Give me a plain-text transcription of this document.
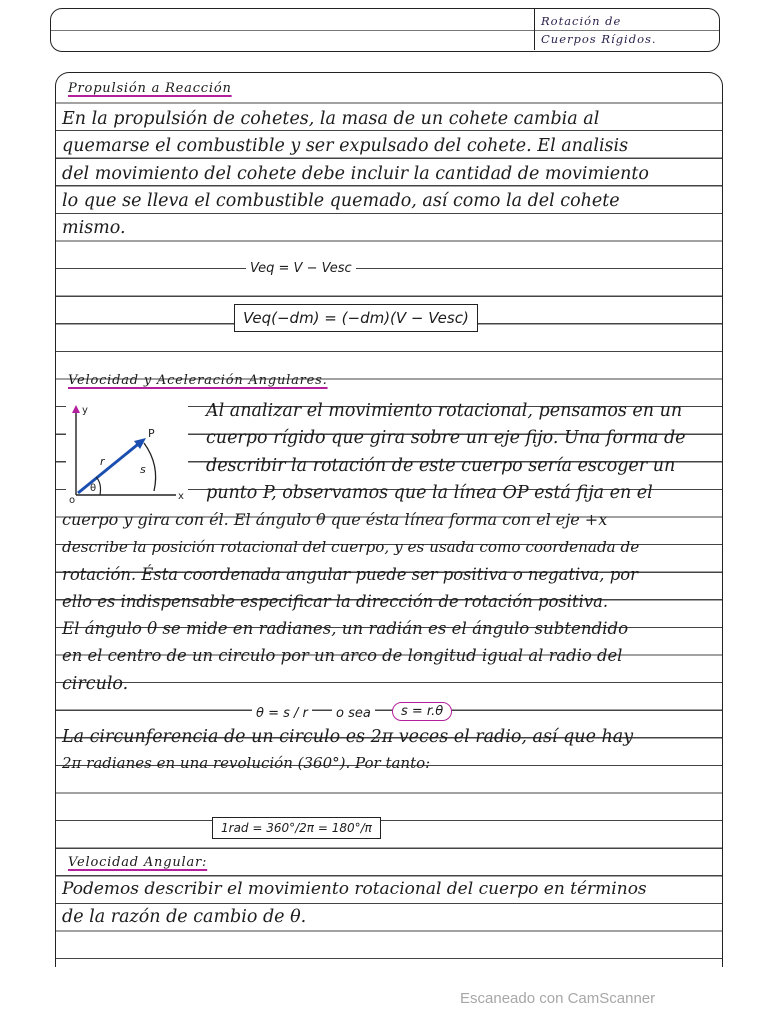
Rotación de
Cuerpos Rígidos.
Propulsión a Reacción
En la propulsión de cohetes, la masa de un cohete cambia al
quemarse el combustible y ser expulsado del cohete. El analisis
del movimiento del cohete debe incluir la cantidad de movimiento
lo que se lleva el combustible quemado, así como la del cohete
mismo.
Veq = V − Vesc
Veq(−dm) = (−dm)(V − Vesc)
Velocidad y Aceleración Angulares.
y
x
P
r
s
θ
o
Al analizar el movimiento rotacional, pensamos en un
cuerpo rígido que gira sobre un eje fijo. Una forma de
describir la rotación de este cuerpo sería escoger un
punto P, observamos que la línea OP está fija en el
cuerpo y gira con él. El ángulo θ que ésta línea forma con el eje +x
describe la posición rotacional del cuerpo, y es usada como coordenada de
rotación. Ésta coordenada angular puede ser positiva o negativa, por
ello es indispensable especificar la dirección de rotación positiva.
El ángulo θ se mide en radianes, un radián es el ángulo subtendido
en el centro de un circulo por un arco de longitud igual al radio del
circulo.
θ = s / r	o sea	s = r.θ
La circunferencia de un circulo es 2π veces el radio, así que hay
2π radianes en una revolución (360°). Por tanto:
1rad = 360°/2π = 180°/π
Velocidad Angular:
Podemos describir el movimiento rotacional del cuerpo en términos
de la razón de cambio de θ.
Escaneado con CamScanner
